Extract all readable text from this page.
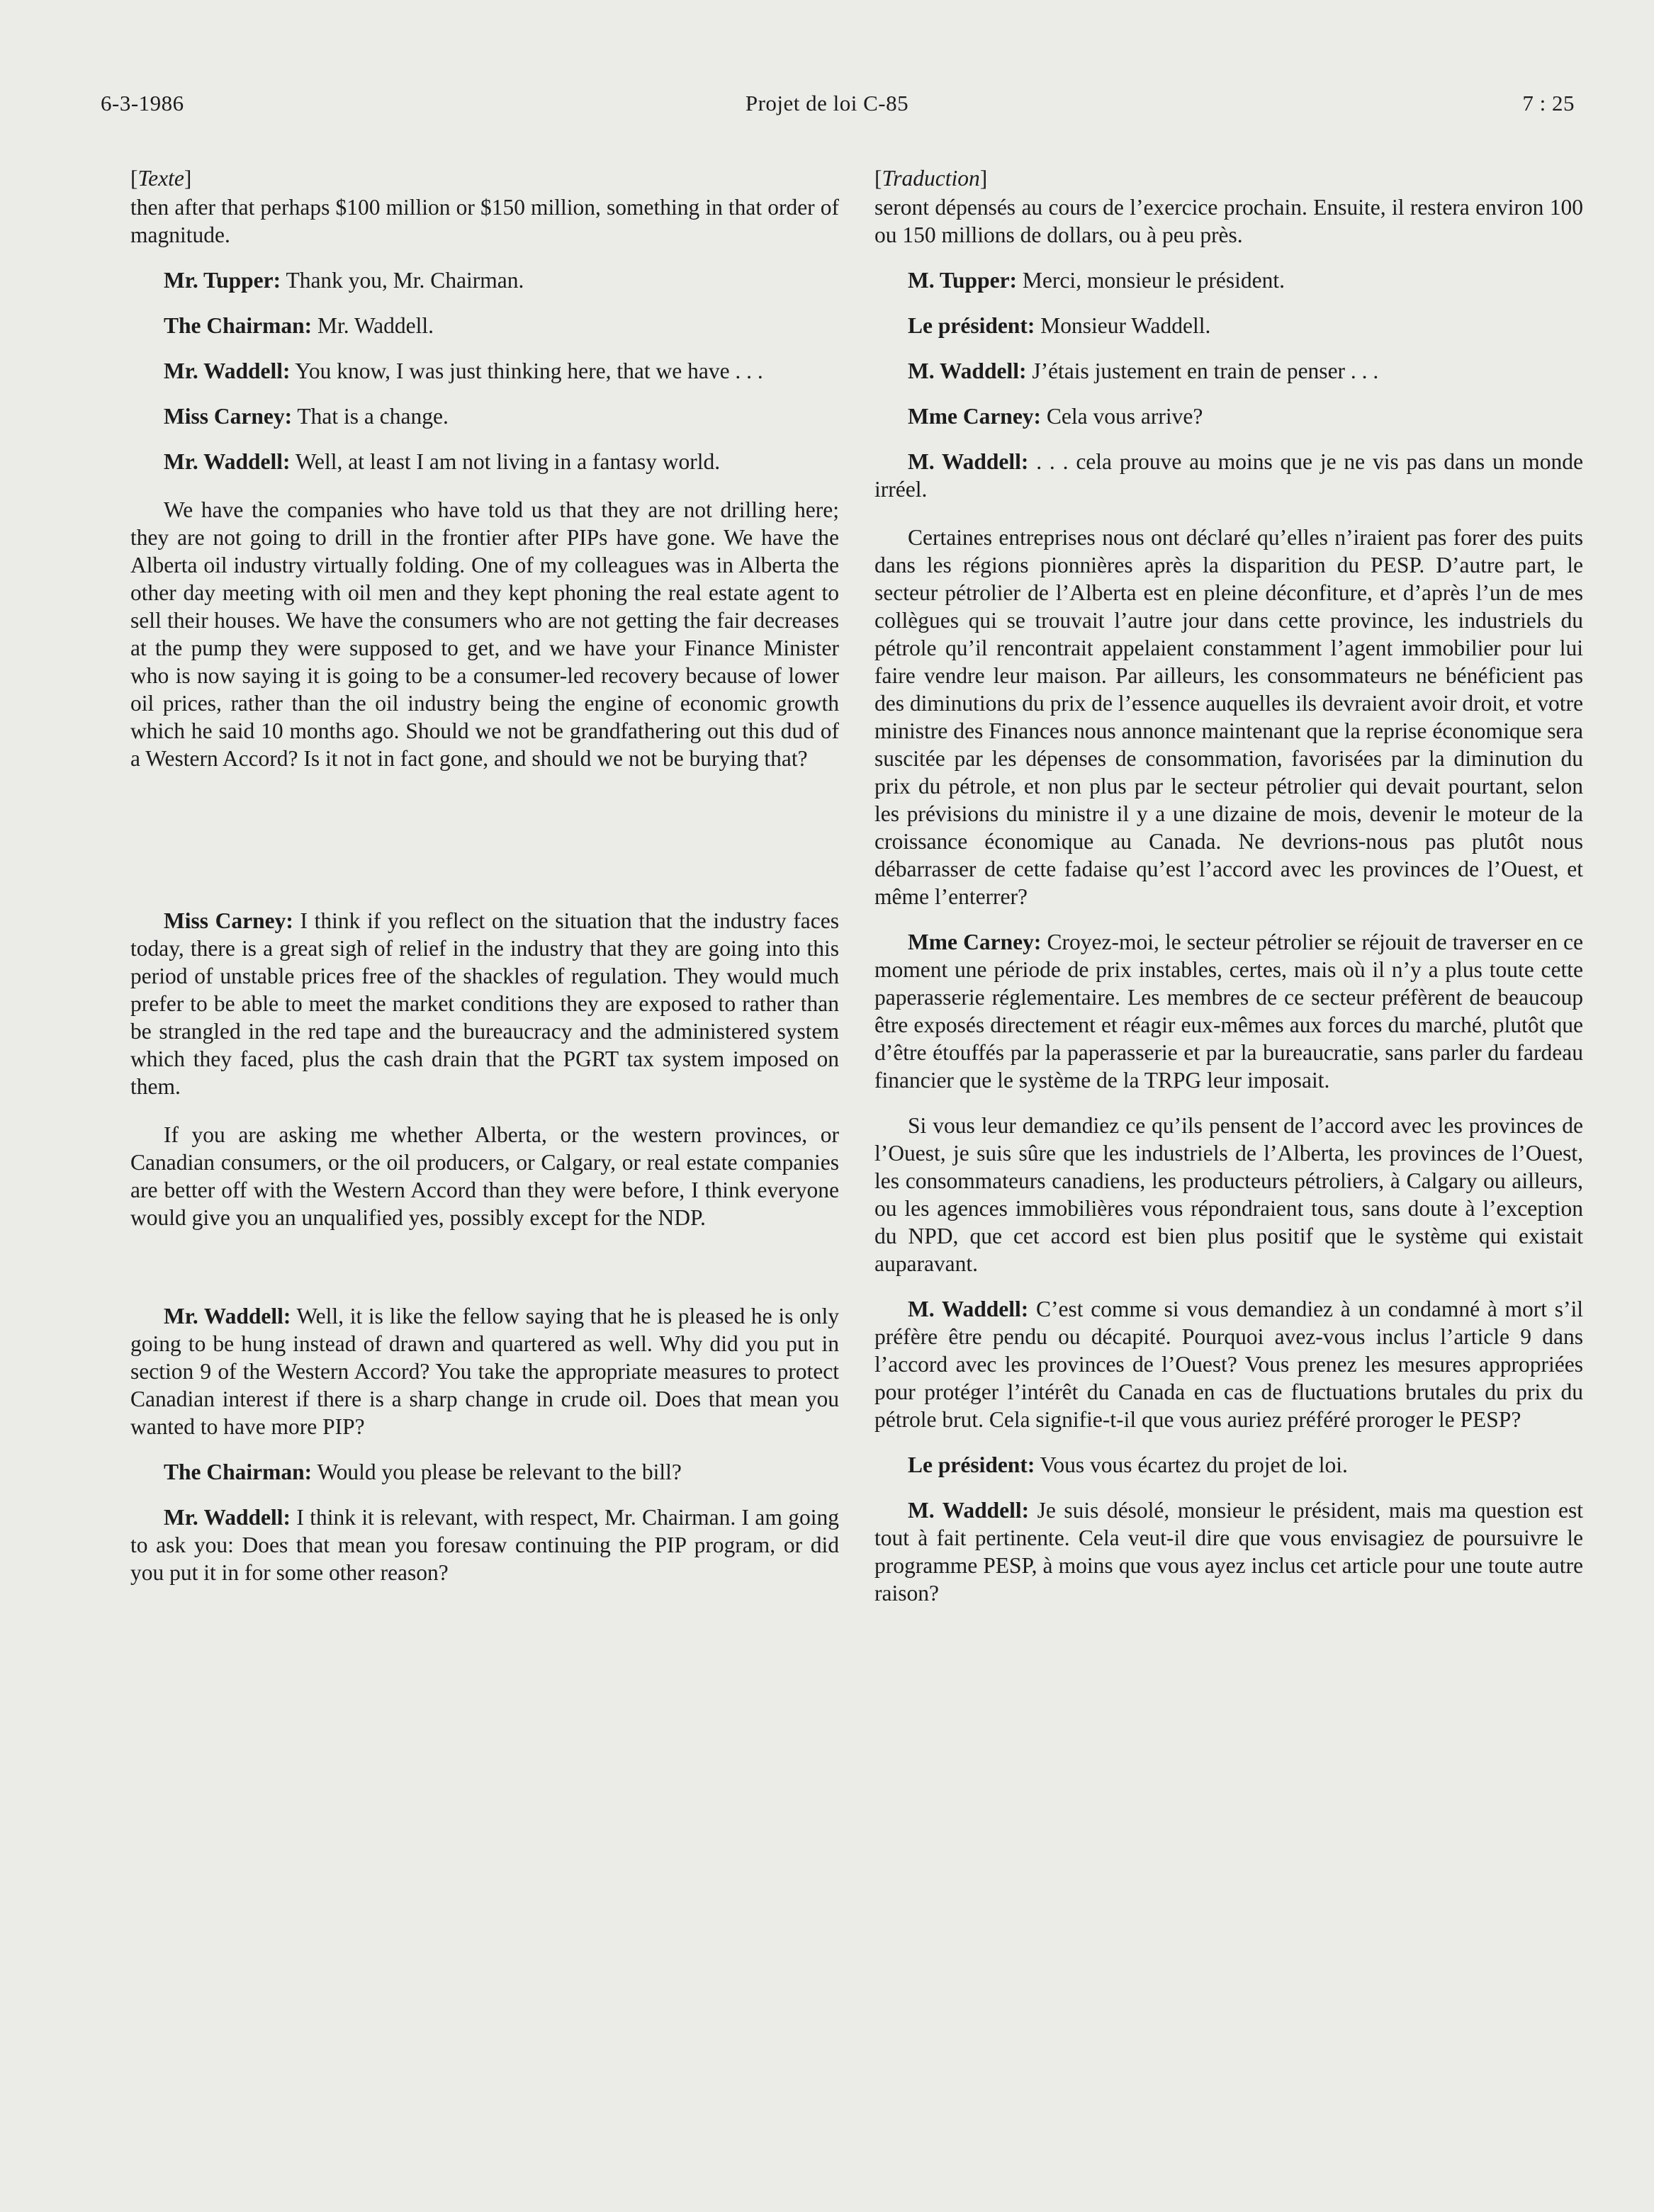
6-3-1986	Projet de loi C-85	7 : 25
[Texte]

then after that perhaps $100 million or $150 million, something in that order of magnitude.

Mr. Tupper: Thank you, Mr. Chairman.

The Chairman: Mr. Waddell.

Mr. Waddell: You know, I was just thinking here, that we have . . .

Miss Carney: That is a change.

Mr. Waddell: Well, at least I am not living in a fantasy world.

We have the companies who have told us that they are not drilling here; they are not going to drill in the frontier after PIPs have gone. We have the Alberta oil industry virtually folding. One of my colleagues was in Alberta the other day meeting with oil men and they kept phoning the real estate agent to sell their houses. We have the consumers who are not getting the fair decreases at the pump they were supposed to get, and we have your Finance Minister who is now saying it is going to be a consumer-led recovery because of lower oil prices, rather than the oil industry being the engine of economic growth which he said 10 months ago. Should we not be grandfathering out this dud of a Western Accord? Is it not in fact gone, and should we not be burying that?

Miss Carney: I think if you reflect on the situation that the industry faces today, there is a great sigh of relief in the industry that they are going into this period of unstable prices free of the shackles of regulation. They would much prefer to be able to meet the market conditions they are exposed to rather than be strangled in the red tape and the bureaucracy and the administered system which they faced, plus the cash drain that the PGRT tax system imposed on them.

If you are asking me whether Alberta, or the western provinces, or Canadian consumers, or the oil producers, or Calgary, or real estate companies are better off with the Western Accord than they were before, I think everyone would give you an unqualified yes, possibly except for the NDP.

Mr. Waddell: Well, it is like the fellow saying that he is pleased he is only going to be hung instead of drawn and quartered as well. Why did you put in section 9 of the Western Accord? You take the appropriate measures to protect Canadian interest if there is a sharp change in crude oil. Does that mean you wanted to have more PIP?

The Chairman: Would you please be relevant to the bill?

Mr. Waddell: I think it is relevant, with respect, Mr. Chairman. I am going to ask you: Does that mean you foresaw continuing the PIP program, or did you put it in for some other reason?

[Traduction]

seront dépensés au cours de l’exercice prochain. Ensuite, il restera environ 100 ou 150 millions de dollars, ou à peu près.

M. Tupper: Merci, monsieur le président.

Le président: Monsieur Waddell.

M. Waddell: J’étais justement en train de penser . . .

Mme Carney: Cela vous arrive?

M. Waddell: . . . cela prouve au moins que je ne vis pas dans un monde irréel.

Certaines entreprises nous ont déclaré qu’elles n’iraient pas forer des puits dans les régions pionnières après la disparition du PESP. D’autre part, le secteur pétrolier de l’Alberta est en pleine déconfiture, et d’après l’un de mes collègues qui se trouvait l’autre jour dans cette province, les industriels du pétrole qu’il rencontrait appelaient constamment l’agent immobilier pour lui faire vendre leur maison. Par ailleurs, les consommateurs ne bénéficient pas des diminutions du prix de l’essence auquelles ils devraient avoir droit, et votre ministre des Finances nous annonce maintenant que la reprise économique sera suscitée par les dépenses de consommation, favorisées par la diminution du prix du pétrole, et non plus par le secteur pétrolier qui devait pourtant, selon les prévisions du ministre il y a une dizaine de mois, devenir le moteur de la croissance économique au Canada. Ne devrions-nous pas plutôt nous débarrasser de cette fadaise qu’est l’accord avec les provinces de l’Ouest, et même l’enterrer?

Mme Carney: Croyez-moi, le secteur pétrolier se réjouit de traverser en ce moment une période de prix instables, certes, mais où il n’y a plus toute cette paperasserie réglementaire. Les membres de ce secteur préfèrent de beaucoup être exposés directement et réagir eux-mêmes aux forces du marché, plutôt que d’être étouffés par la paperasserie et par la bureaucratie, sans parler du fardeau financier que le système de la TRPG leur imposait.

Si vous leur demandiez ce qu’ils pensent de l’accord avec les provinces de l’Ouest, je suis sûre que les industriels de l’Alberta, les provinces de l’Ouest, les consommateurs canadiens, les producteurs pétroliers, à Calgary ou ailleurs, ou les agences immobilières vous répondraient tous, sans doute à l’exception du NPD, que cet accord est bien plus positif que le système qui existait auparavant.

M. Waddell: C’est comme si vous demandiez à un condamné à mort s’il préfère être pendu ou décapité. Pourquoi avez-vous inclus l’article 9 dans l’accord avec les provinces de l’Ouest? Vous prenez les mesures appropriées pour protéger l’intérêt du Canada en cas de fluctuations brutales du prix du pétrole brut. Cela signifie-t-il que vous auriez préféré proroger le PESP?

Le président: Vous vous écartez du projet de loi.

M. Waddell: Je suis désolé, monsieur le président, mais ma question est tout à fait pertinente. Cela veut-il dire que vous envisagiez de poursuivre le programme PESP, à moins que vous ayez inclus cet article pour une toute autre raison?
